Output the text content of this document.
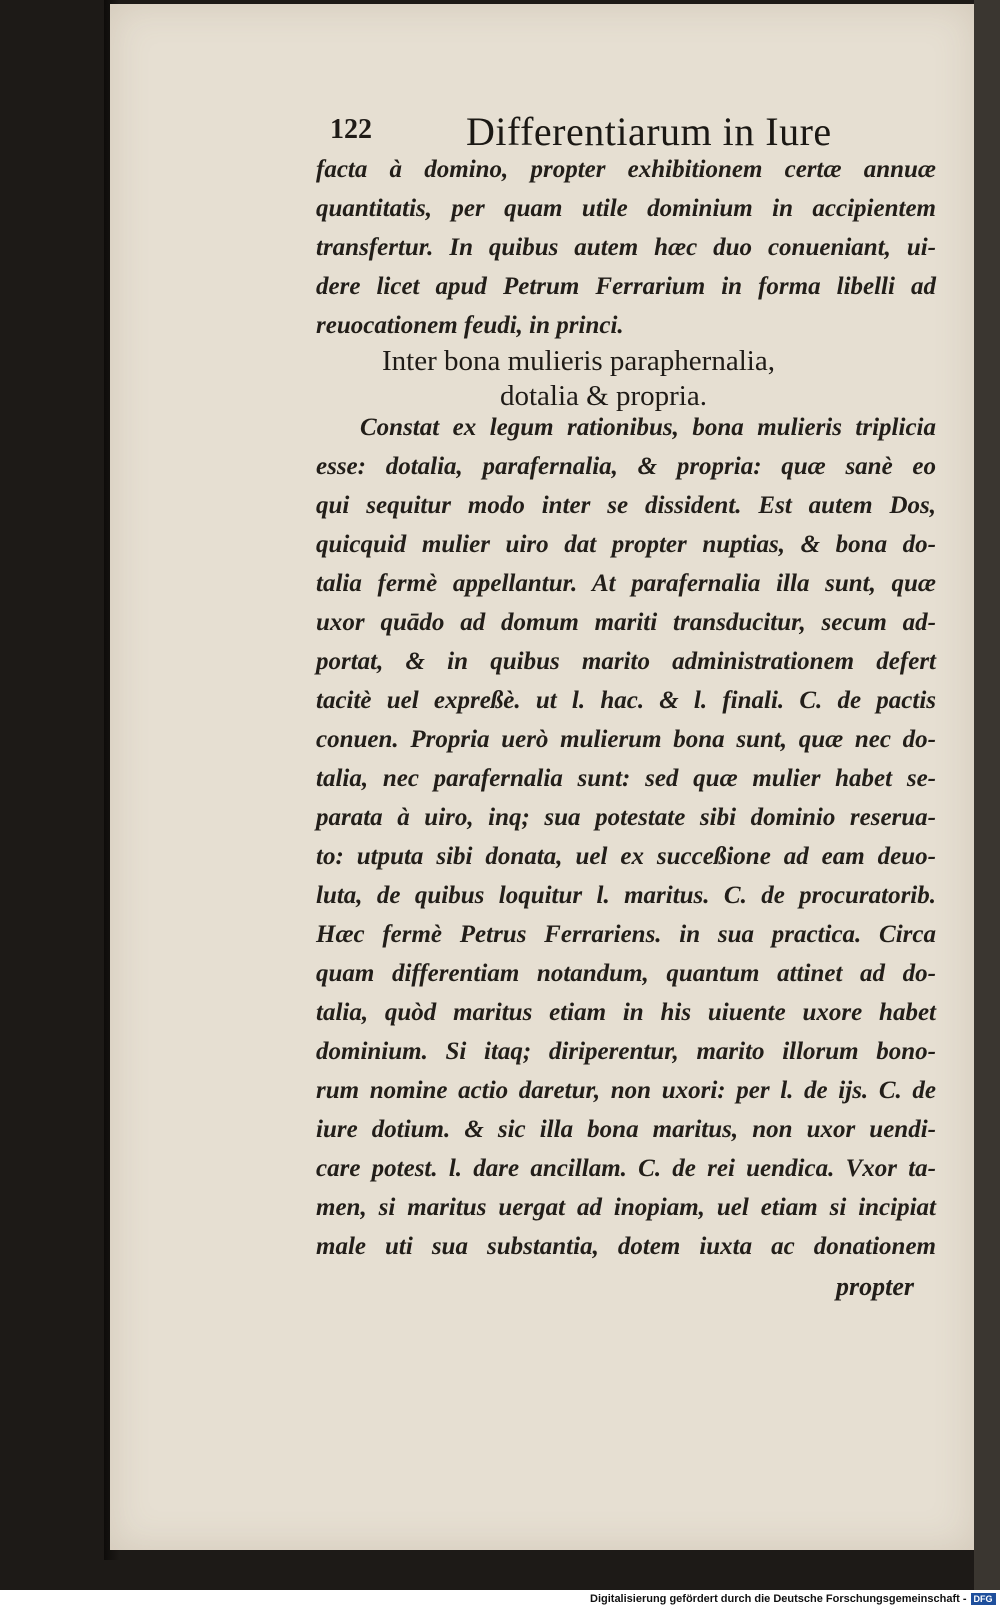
122 Differentiarum in Iure
facta à domino, propter exhibitionem certæ annuæ
quantitatis, per quam utile dominium in accipientem
transfertur. In quibus autem hæc duo conueniant, ui-
dere licet apud Petrum Ferrarium in forma libelli ad
reuocationem feudi, in princi.
Inter bona mulieris paraphernalia,
dotalia & propria.
Constat ex legum rationibus, bona mulieris triplicia
esse: dotalia, parafernalia, & propria: quæ sanè eo
qui sequitur modo inter se dissident. Est autem Dos,
quicquid mulier uiro dat propter nuptias, & bona do-
talia fermè appellantur. At parafernalia illa sunt, quæ
uxor quādo ad domum mariti transducitur, secum ad-
portat, & in quibus marito administrationem defert
tacitè uel expreßè. ut l. hac. & l. finali. C. de pactis
conuen. Propria uerò mulierum bona sunt, quæ nec do-
talia, nec parafernalia sunt: sed quæ mulier habet se-
parata à uiro, inq; sua potestate sibi dominio reserua-
to: utputa sibi donata, uel ex succeßione ad eam deuo-
luta, de quibus loquitur l. maritus. C. de procuratorib.
Hæc fermè Petrus Ferrariens. in sua practica. Circa
quam differentiam notandum, quantum attinet ad do-
talia, quòd maritus etiam in his uiuente uxore habet
dominium. Si itaq; diriperentur, marito illorum bono-
rum nomine actio daretur, non uxori: per l. de ijs. C. de
iure dotium. & sic illa bona maritus, non uxor uendi-
care potest. l. dare ancillam. C. de rei uendica. Vxor ta-
men, si maritus uergat ad inopiam, uel etiam si incipiat
male uti sua substantia, dotem iuxta ac donationem
propter
Digitalisierung gefördert durch die Deutsche Forschungsgemeinschaft - DFG
